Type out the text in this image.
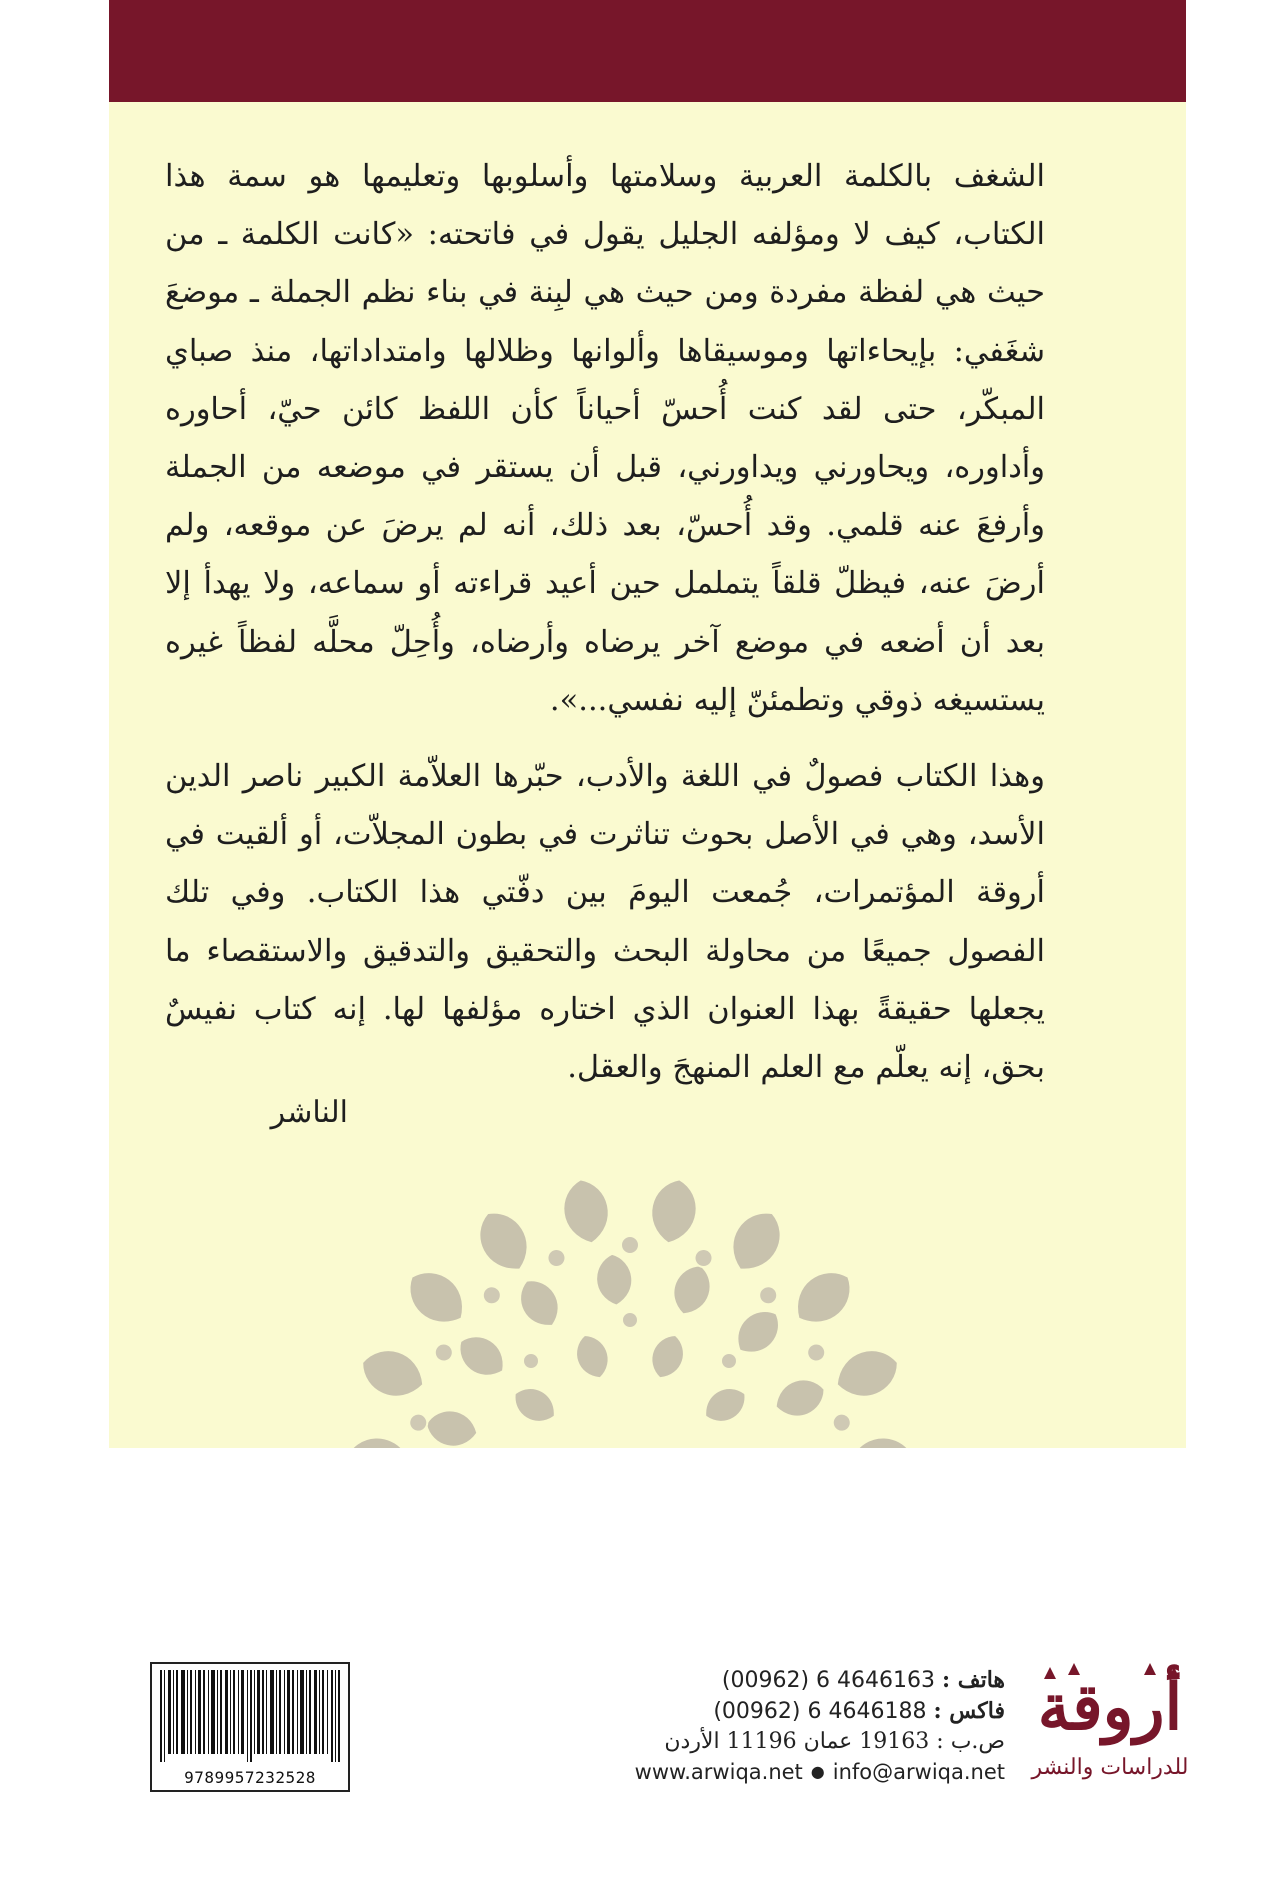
الشغف بالكلمة العربية وسلامتها وأسلوبها وتعليمها هو سمة هذا الكتاب، كيف لا ومؤلفه الجليل يقول في فاتحته: «كانت الكلمة ـ من حيث هي لفظة مفردة ومن حيث هي لبِنة في بناء نظم الجملة ـ موضعَ شغَفي: بإيحاءاتها وموسيقاها وألوانها وظلالها وامتداداتها، منذ صباي المبكّر، حتى لقد كنت أُحسّ أحياناً كأن اللفظ كائن حيّ، أحاوره وأداوره، ويحاورني ويداورني، قبل أن يستقر في موضعه من الجملة وأرفعَ عنه قلمي. وقد أُحسّ، بعد ذلك، أنه لم يرضَ عن موقعه، ولم أرضَ عنه، فيظلّ قلقاً يتململ حين أعيد قراءته أو سماعه، ولا يهدأ إلا بعد أن أضعه في موضع آخر يرضاه وأرضاه، وأُحِلّ محلَّه لفظاً غيره يستسيغه ذوقي وتطمئنّ إليه نفسي...».

وهذا الكتاب فصولٌ في اللغة والأدب، حبّرها العلاّمة الكبير ناصر الدين الأسد، وهي في الأصل بحوث تناثرت في بطون المجلاّت، أو ألقيت في أروقة المؤتمرات، جُمعت اليومَ بين دفّتي هذا الكتاب. وفي تلك الفصول جميعًا من محاولة البحث والتحقيق والتدقيق والاستقصاء ما يجعلها حقيقةً بهذا العنوان الذي اختاره مؤلفها لها. إنه كتاب نفيسٌ بحق، إنه يعلّم مع العلم المنهجَ والعقل.

الناشر
9789957232528
هاتف : (00962) 6 4646163
فاكس : (00962) 6 4646188
ص.ب : 19163 عمان 11196 الأردن
www.arwiqa.net ● info@arwiqa.net
أروقة
للدراسات والنشر
